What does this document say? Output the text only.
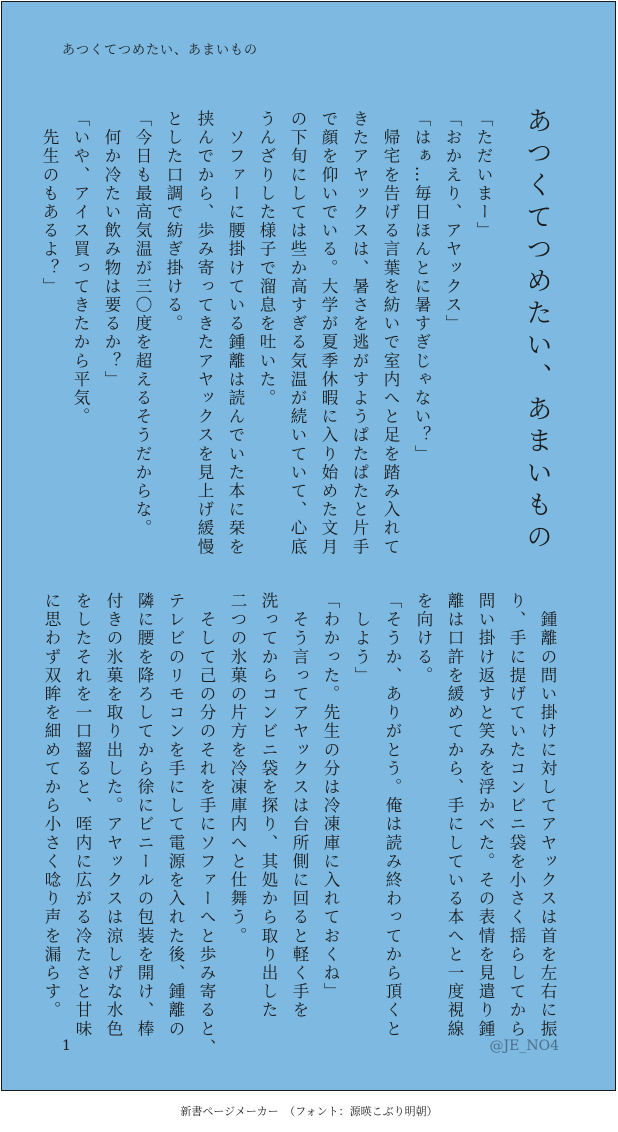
あつくてつめたい、あまいもの
あつくてつめたい、あまいもの
「ただいまー」
「おかえり、アヤックス」
「はぁ…毎日ほんとに暑すぎじゃない？」
　帰宅を告げる言葉を紡いで室内へと足を踏み入れて
きたアヤックスは、暑さを逃がすようぱたぱたと片手
で顔を仰いでいる。大学が夏季休暇に入り始めた文月
の下旬にしては些か高すぎる気温が続いていて、心底
うんざりした様子で溜息を吐いた。
　ソファーに腰掛けている鍾離は読んでいた本に栞を
挟んでから、歩み寄ってきたアヤックスを見上げ緩慢
とした口調で紡ぎ掛ける。
「今日も最高気温が三〇度を超えるそうだからな。
　何か冷たい飲み物は要るか？」
「いや、アイス買ってきたから平気。
　先生のもあるよ？」
　鍾離の問い掛けに対してアヤックスは首を左右に振
り、手に提げていたコンビニ袋を小さく揺らしてから
問い掛け返すと笑みを浮かべた。その表情を見遣り鍾
離は口許を緩めてから、手にしている本へと一度視線
を向ける。
「そうか、ありがとう。俺は読み終わってから頂くと
　しよう」
「わかった。先生の分は冷凍庫に入れておくね」
　そう言ってアヤックスは台所側に回ると軽く手を
洗ってからコンビニ袋を探り、其処から取り出した
二つの氷菓の片方を冷凍庫内へと仕舞う。
　そして己の分のそれを手にソファーへと歩み寄ると、
テレビのリモコンを手にして電源を入れた後、鍾離の
隣に腰を降ろしてから徐にビニールの包装を開け、棒
付きの氷菓を取り出した。アヤックスは涼しげな水色
をしたそれを一口齧ると、咥内に広がる冷たさと甘味
に思わず双眸を細めてから小さく唸り声を漏らす。
1	@JE_NO4
新書ページメーカー　（フォント：源暎こぶり明朝）
